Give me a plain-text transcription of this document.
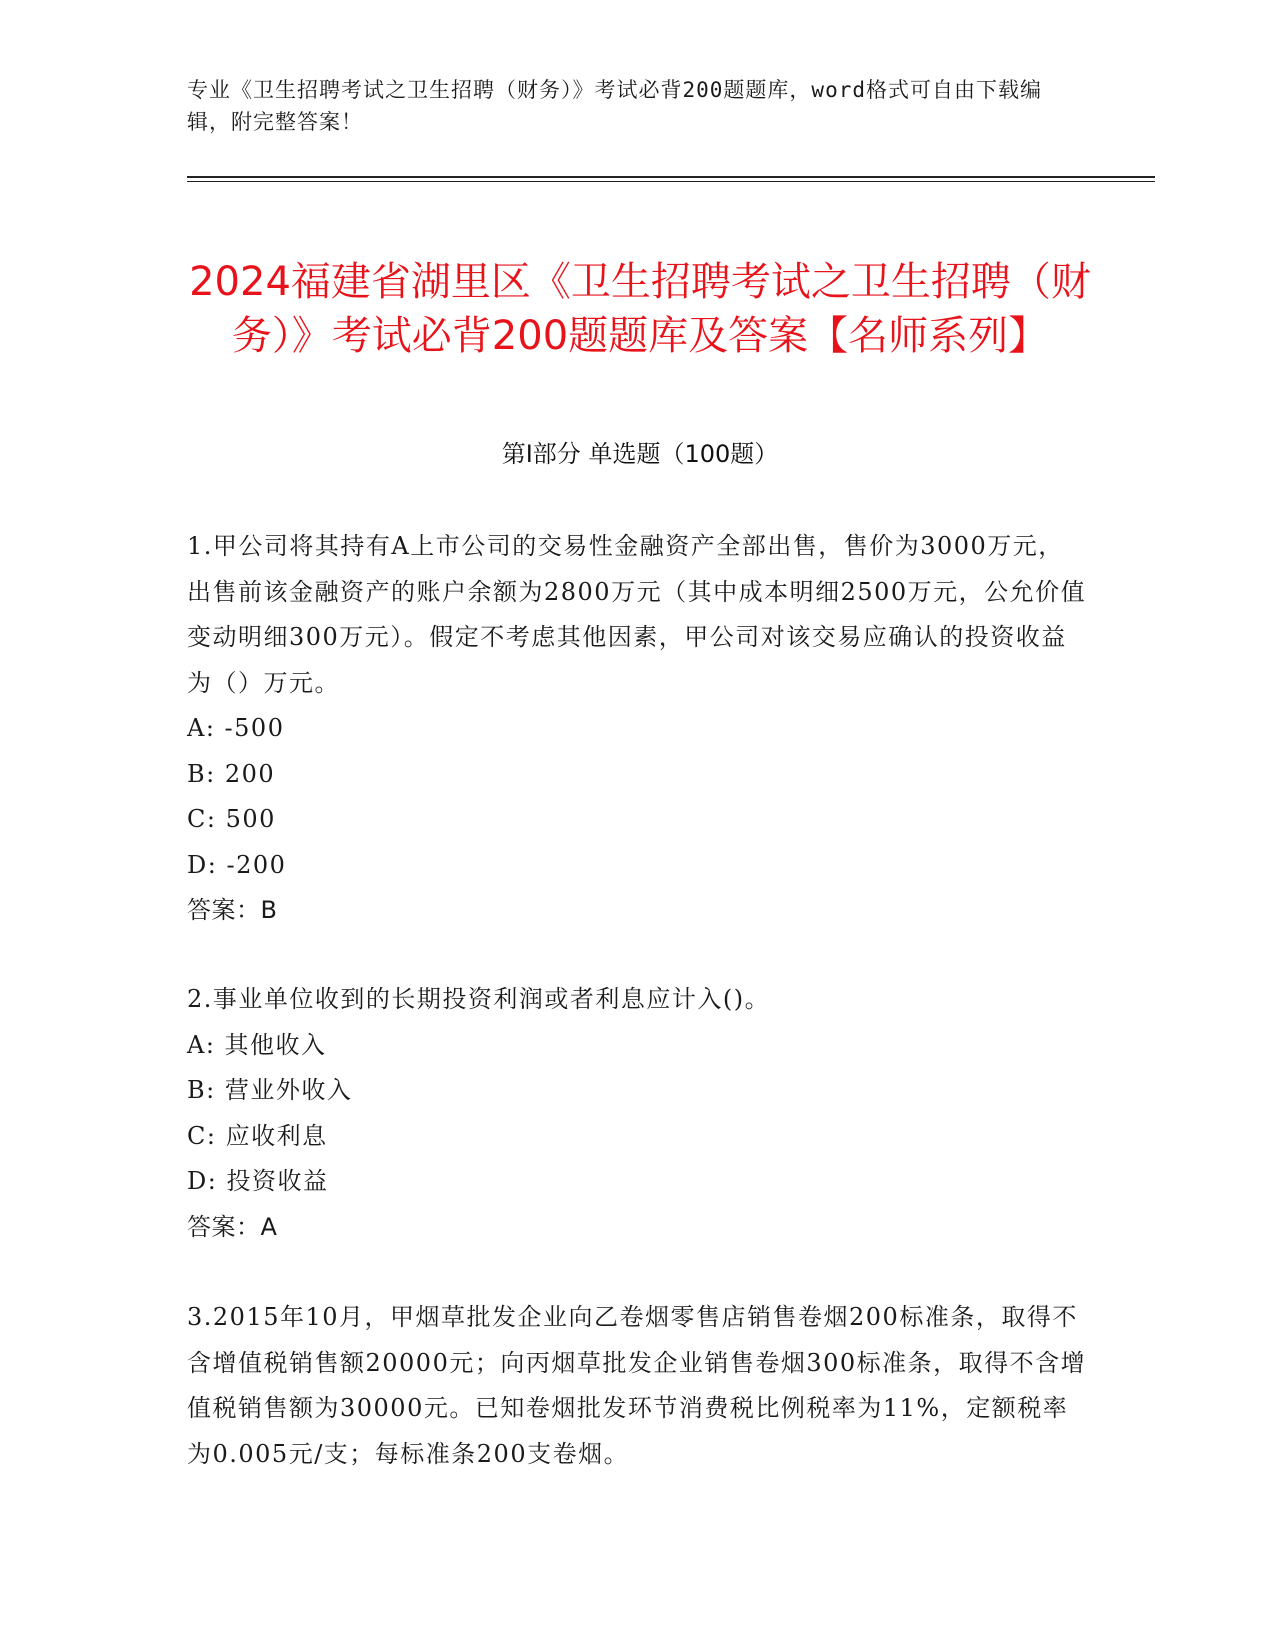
专业《卫生招聘考试之卫生招聘（财务）》考试必背200题题库，word格式可自由下载编辑，附完整答案！
2024福建省湖里区《卫生招聘考试之卫生招聘（财务）》考试必背200题题库及答案【名师系列】
第I部分 单选题（100题）

1.甲公司将其持有A上市公司的交易性金融资产全部出售，售价为3000万元，出售前该金融资产的账户余额为2800万元（其中成本明细2500万元，公允价值变动明细300万元）。假定不考虑其他因素，甲公司对该交易应确认的投资收益为（）万元。

A: -500

B: 200

C: 500

D: -200

答案：B

2.事业单位收到的长期投资利润或者利息应计入()。

A: 其他收入

B: 营业外收入

C: 应收利息

D: 投资收益

答案：A

3.2015年10月，甲烟草批发企业向乙卷烟零售店销售卷烟200标准条，取得不含增值税销售额20000元；向丙烟草批发企业销售卷烟300标准条，取得不含增值税销售额为30000元。已知卷烟批发环节消费税比例税率为11%，定额税率为0.005元/支；每标准条200支卷烟。
